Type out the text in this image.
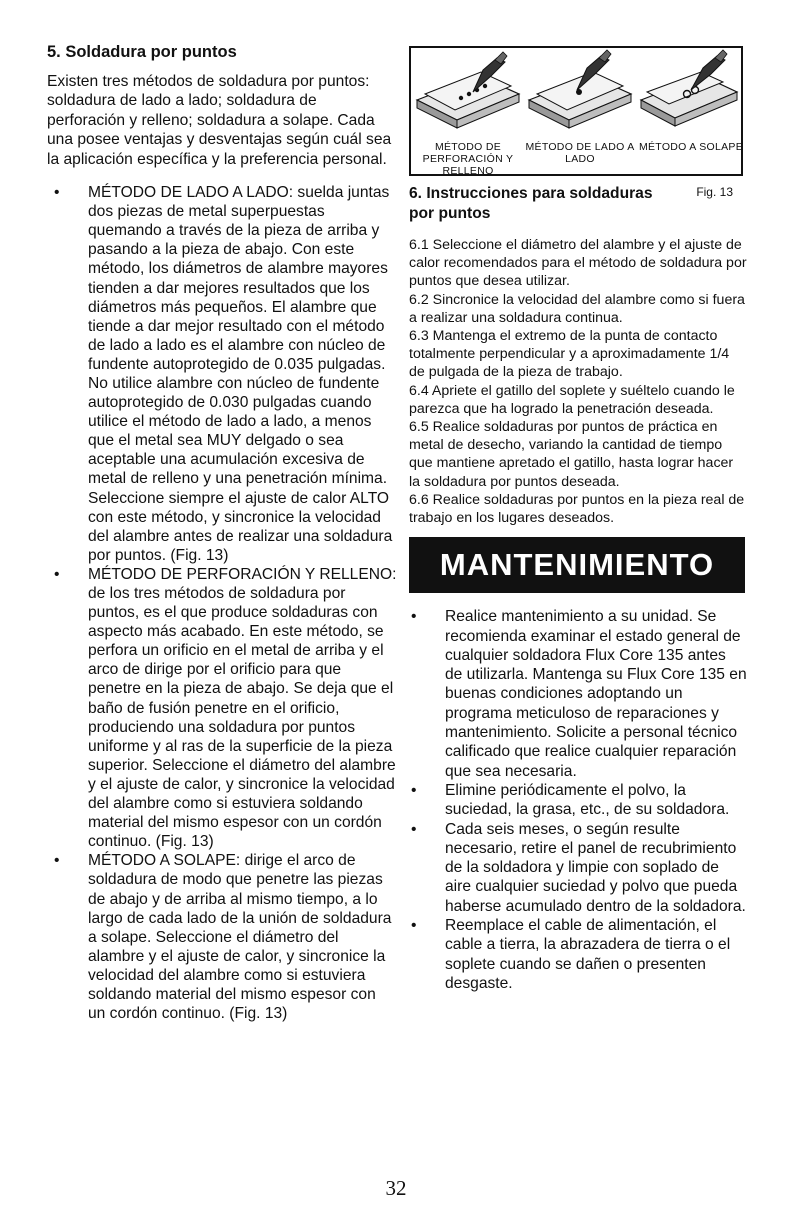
5. Soldadura por puntos

Existen tres métodos de soldadura por puntos: soldadura de lado a lado; soldadura de perforación y relleno; soldadura a solape. Cada una posee ventajas y desventajas según cuál sea la aplicación específica y la preferencia personal.

• MÉTODO DE LADO A LADO: suelda juntas dos piezas de metal superpuestas quemando a través de la pieza de arriba y pasando a la pieza de abajo. Con este método, los diámetros de alambre mayores tienden a dar mejores resultados que los diámetros más pequeños. El alambre que tiende a dar mejor resultado con el método de lado a lado es el alambre con núcleo de fundente autoprotegido de 0.035 pulgadas. No utilice alambre con núcleo de fundente autoprotegido de 0.030 pulgadas cuando utilice el método de lado a lado, a menos que el metal sea MUY delgado o sea aceptable una acumulación excesiva de metal de relleno y una penetración mínima. Seleccione siempre el ajuste de calor ALTO con este método, y sincronice la velocidad del alambre antes de realizar una soldadura por puntos. (Fig. 13)
• MÉTODO DE PERFORACIÓN Y RELLENO: de los tres métodos de soldadura por puntos, es el que produce soldaduras con aspecto más acabado. En este método, se perfora un orificio en el metal de arriba y el arco de dirige por el orificio para que penetre en la pieza de abajo. Se deja que el baño de fusión penetre en el orificio, produciendo una soldadura por puntos uniforme y al ras de la superficie de la pieza superior. Seleccione el diámetro del alambre y el ajuste de calor, y sincronice la velocidad del alambre como si estuviera soldando material del mismo espesor con un cordón continuo. (Fig. 13)
• MÉTODO A SOLAPE: dirige el arco de soldadura de modo que penetre las piezas de abajo y de arriba al mismo tiempo, a lo largo de cada lado de la unión de soldadura a solape. Seleccione el diámetro del alambre y el ajuste de calor, y sincronice la velocidad del alambre como si estuviera soldando material del mismo espesor con un cordón continuo. (Fig. 13)
MÉTODO DE PERFORACIÓN Y RELLENO
MÉTODO DE LADO A LADO
MÉTODO A SOLAPE
Fig. 13
6. Instrucciones para soldaduras por puntos

6.1 Seleccione el diámetro del alambre y el ajuste de calor recomendados para el método de soldadura por puntos que desea utilizar.

6.2 Sincronice la velocidad del alambre como si fuera a realizar una soldadura continua.

6.3 Mantenga el extremo de la punta de contacto totalmente perpendicular y a aproximadamente 1/4 de pulgada de la pieza de trabajo.

6.4 Apriete el gatillo del soplete y suéltelo cuando le parezca que ha logrado la penetración deseada.

6.5 Realice soldaduras por puntos de práctica en metal de desecho, variando la cantidad de tiempo que mantiene apretado el gatillo, hasta lograr hacer la soldadura por puntos deseada.

6.6 Realice soldaduras por puntos en la pieza real de trabajo en los lugares deseados.

MANTENIMIENTO
• Realice mantenimiento a su unidad. Se recomienda examinar el estado general de cualquier soldadora Flux Core 135 antes de utilizarla. Mantenga su Flux Core 135 en buenas condiciones adoptando un programa meticuloso de reparaciones y mantenimiento. Solicite a personal técnico calificado que realice cualquier reparación que sea necesaria.
• Elimine periódicamente el polvo, la suciedad, la grasa, etc., de su soldadora.
• Cada seis meses, o según resulte necesario, retire el panel de recubrimiento de la soldadora y limpie con soplado de aire cualquier suciedad y polvo que pueda haberse acumulado dentro de la soldadora.
• Reemplace el cable de alimentación, el cable a tierra, la abrazadera de tierra o el soplete cuando se dañen o presenten desgaste.
32
